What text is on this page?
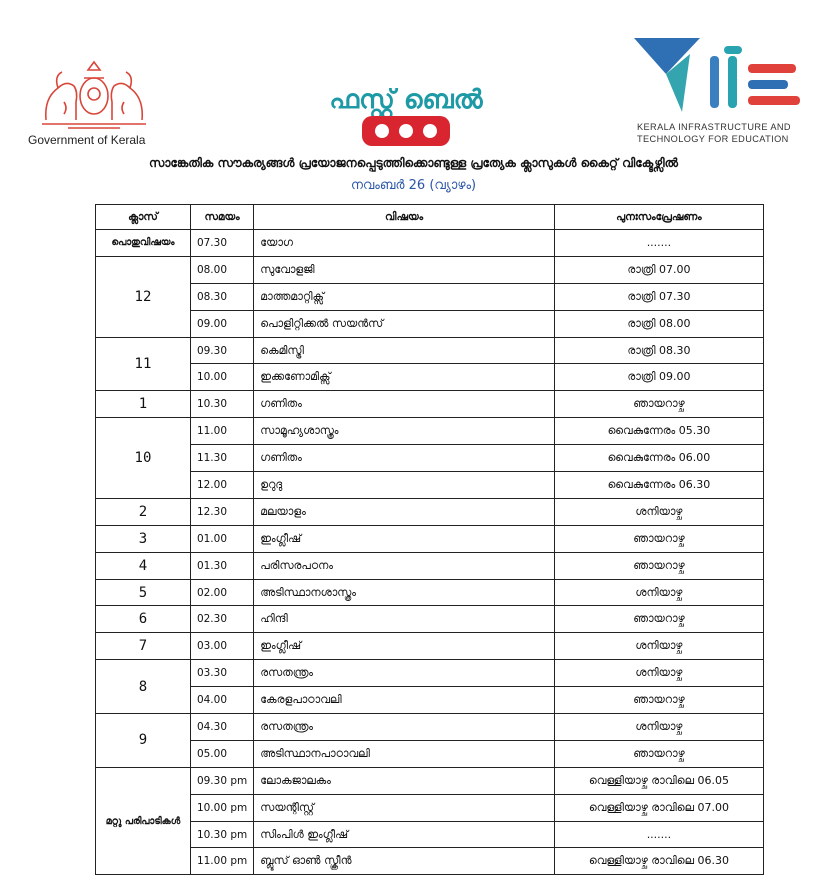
Government of Kerala
ഫസ്റ്റ് ബെൽ
KERALA INFRASTRUCTURE AND
TECHNOLOGY FOR EDUCATION
സാങ്കേതിക സൗകര്യങ്ങൾ പ്രയോജനപ്പെടുത്തിക്കൊണ്ടുള്ള പ്രത്യേക ക്ലാസുകൾ കൈറ്റ് വിക്ടേഴ്സിൽ
നവംബർ 26 (വ്യാഴം)
ക്ലാസ്	സമയം	വിഷയം	പുനഃസംപ്രേഷണം
പൊതുവിഷയം	07.30	യോഗ	.......
12	08.00	സുവോളജി	രാത്രി 07.00
	08.30	മാത്തമാറ്റിക്സ്	രാത്രി 07.30
	09.00	പൊളിറ്റിക്കൽ സയൻസ്	രാത്രി 08.00
11	09.30	കെമിസ്ട്രി	രാത്രി 08.30
	10.00	ഇക്കണോമിക്സ്	രാത്രി 09.00
1	10.30	ഗണിതം	ഞായറാഴ്ച
10	11.00	സാമൂഹ്യശാസ്ത്രം	വൈകുന്നേരം 05.30
	11.30	ഗണിതം	വൈകുന്നേരം 06.00
	12.00	ഉറുദു	വൈകുന്നേരം 06.30
2	12.30	മലയാളം	ശനിയാഴ്ച
3	01.00	ഇംഗ്ലീഷ്	ഞായറാഴ്ച
4	01.30	പരിസരപഠനം	ഞായറാഴ്ച
5	02.00	അടിസ്ഥാനശാസ്ത്രം	ശനിയാഴ്ച
6	02.30	ഹിന്ദി	ഞായറാഴ്ച
7	03.00	ഇംഗ്ലീഷ്	ശനിയാഴ്ച
8	03.30	രസതന്ത്രം	ശനിയാഴ്ച
	04.00	കേരളപാഠാവലി	ഞായറാഴ്ച
9	04.30	രസതന്ത്രം	ശനിയാഴ്ച
	05.00	അടിസ്ഥാനപാഠാവലി	ഞായറാഴ്ച
മറ്റു പരിപാടികൾ	09.30 pm	ലോകജാലകം	വെള്ളിയാഴ്ച രാവിലെ 06.05
	10.00 pm	സയന്റിസ്റ്റ്	വെള്ളിയാഴ്ച രാവിലെ 07.00
	10.30 pm	സിംപിൾ ഇംഗ്ലീഷ്	.......
	11.00 pm	ബ്ലൂസ് ഓൺ സ്ക്രീൻ	വെള്ളിയാഴ്ച രാവിലെ 06.30
